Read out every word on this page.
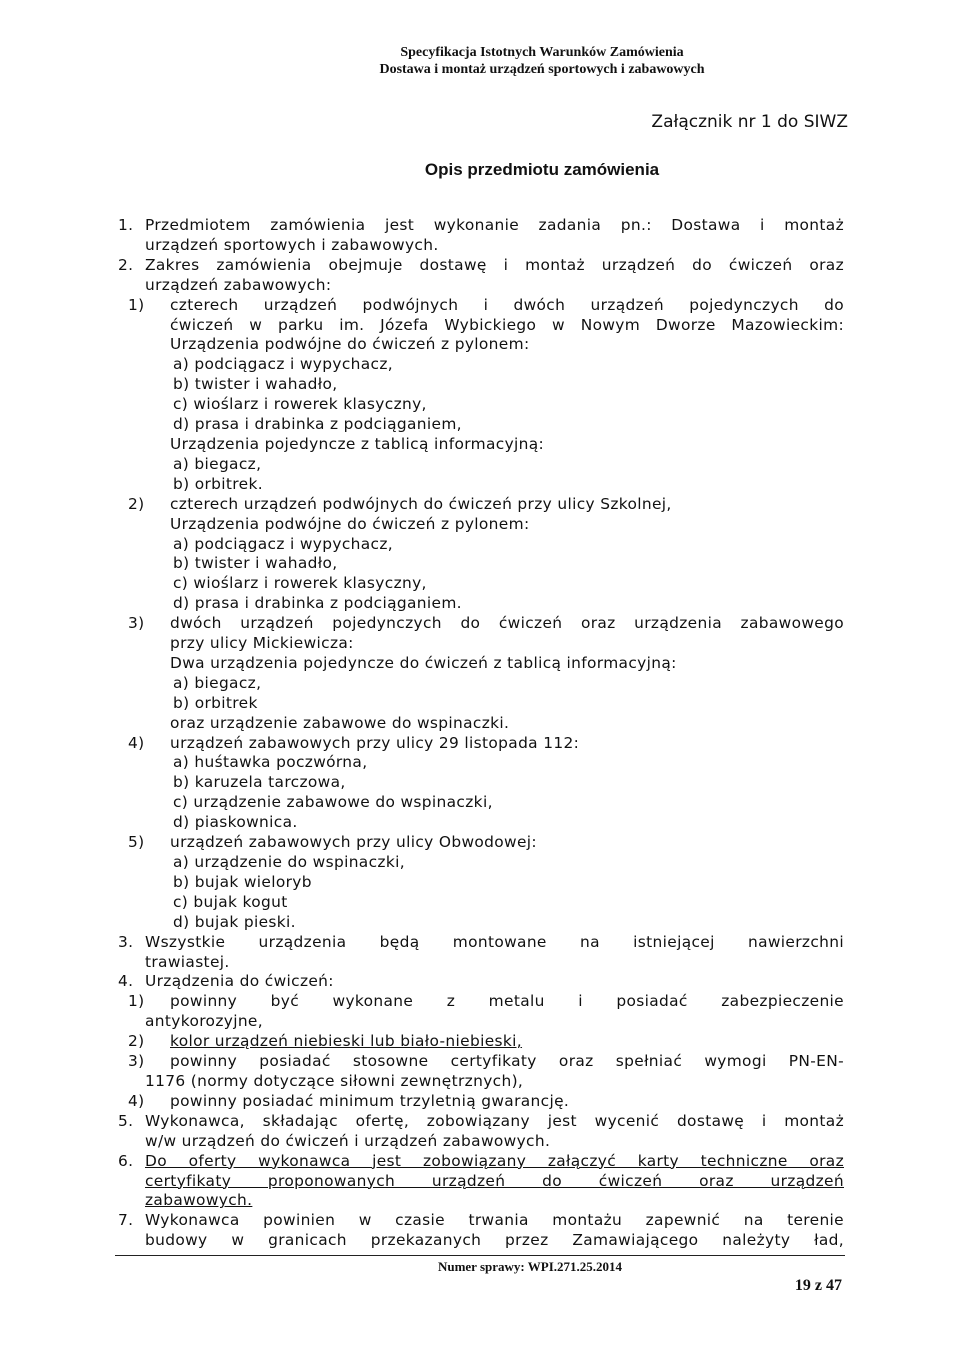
Specyfikacja Istotnych Warunków Zamówienia
Dostawa i montaż urządzeń sportowych i zabawowych
Załącznik nr 1 do SIWZ
Opis przedmiotu zamówienia
1. Przedmiotem zamówienia jest wykonanie zadania pn.: Dostawa i montaż
urządzeń sportowych i zabawowych.
2. Zakres zamówienia obejmuje dostawę i montaż urządzeń do ćwiczeń oraz
urządzeń zabawowych:
1) czterech urządzeń podwójnych i dwóch urządzeń pojedynczych do
ćwiczeń w parku im. Józefa Wybickiego w Nowym Dworze Mazowieckim:
Urządzenia podwójne do ćwiczeń z pylonem:
a) podciągacz i wypychacz,
b) twister i wahadło,
c) wioślarz i rowerek klasyczny,
d) prasa i drabinka z podciąganiem,
Urządzenia pojedyncze z tablicą informacyjną:
a) biegacz,
b) orbitrek.
2) czterech urządzeń podwójnych do ćwiczeń przy ulicy Szkolnej,
Urządzenia podwójne do ćwiczeń z pylonem:
a) podciągacz i wypychacz,
b) twister i wahadło,
c) wioślarz i rowerek klasyczny,
d) prasa i drabinka z podciąganiem.
3) dwóch urządzeń pojedynczych do ćwiczeń oraz urządzenia zabawowego
przy ulicy Mickiewicza:
Dwa urządzenia pojedyncze do ćwiczeń z tablicą informacyjną:
a) biegacz,
b) orbitrek
oraz urządzenie zabawowe do wspinaczki.
4) urządzeń zabawowych przy ulicy 29 listopada 112:
a) huśtawka poczwórna,
b) karuzela tarczowa,
c) urządzenie zabawowe do wspinaczki,
d) piaskownica.
5) urządzeń zabawowych przy ulicy Obwodowej:
a) urządzenie do wspinaczki,
b) bujak wieloryb
c) bujak kogut
d) bujak pieski.
3. Wszystkie urządzenia będą montowane na istniejącej nawierzchni
trawiastej.
4. Urządzenia do ćwiczeń:
1) powinny być wykonane z metalu i posiadać zabezpieczenie
antykorozyjne,
2) kolor urządzeń niebieski lub biało-niebieski,
3) powinny posiadać stosowne certyfikaty oraz spełniać wymogi PN-EN-
1176 (normy dotyczące siłowni zewnętrznych),
4) powinny posiadać minimum trzyletnią gwarancję.
5. Wykonawca, składając ofertę, zobowiązany jest wycenić dostawę i montaż
w/w urządzeń do ćwiczeń i urządzeń zabawowych.
6. Do oferty wykonawca jest zobowiązany załączyć karty techniczne oraz
certyfikaty proponowanych urządzeń do ćwiczeń oraz urządzeń
zabawowych.
7. Wykonawca powinien w czasie trwania montażu zapewnić na terenie
budowy w granicach przekazanych przez Zamawiającego należyty ład,
Numer sprawy: WPI.271.25.2014
19 z 47
